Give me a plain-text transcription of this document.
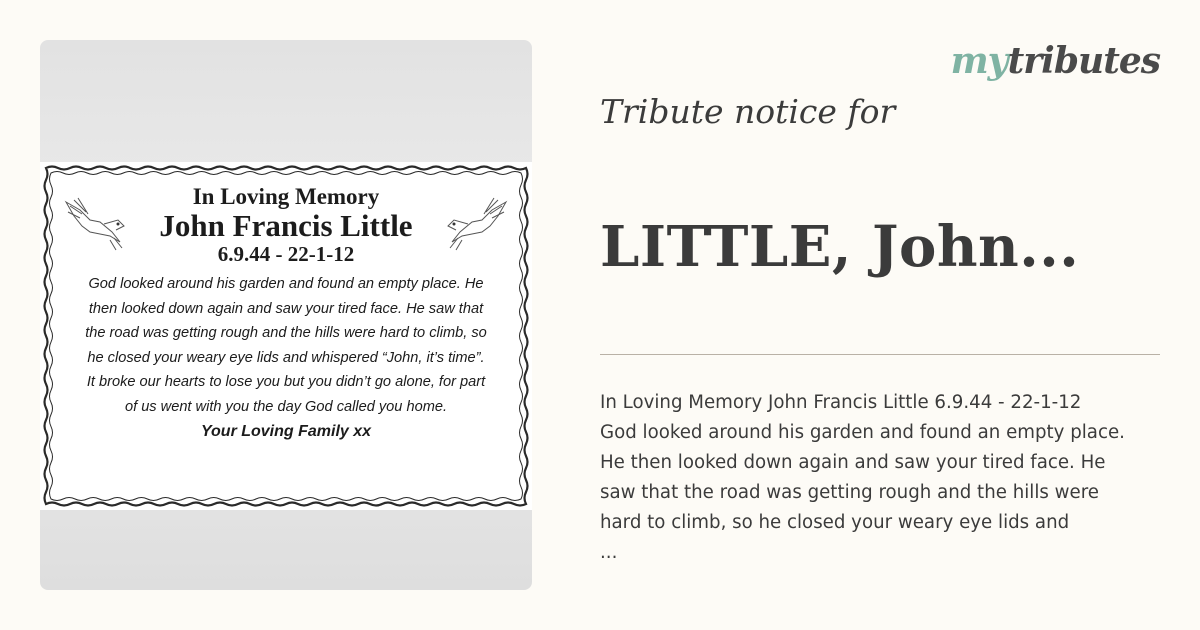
In Loving Memory
John Francis Little
6.9.44 - 22-1-12
God looked around his garden and found an empty place. He
then looked down again and saw your tired face. He saw that
the road was getting rough and the hills were hard to climb, so
he closed your weary eye lids and whispered “John, it’s time”.
It broke our hearts to lose you but you didn’t go alone, for part
of us went with you the day God called you home.
Your Loving Family xx
mytributes
Tribute notice for
LITTLE, John...
In Loving Memory John Francis Little 6.9.44 - 22-1-12
God looked around his garden and found an empty place.
He then looked down again and saw your tired face. He
saw that the road was getting rough and the hills were
hard to climb, so he closed your weary eye lids and
...
